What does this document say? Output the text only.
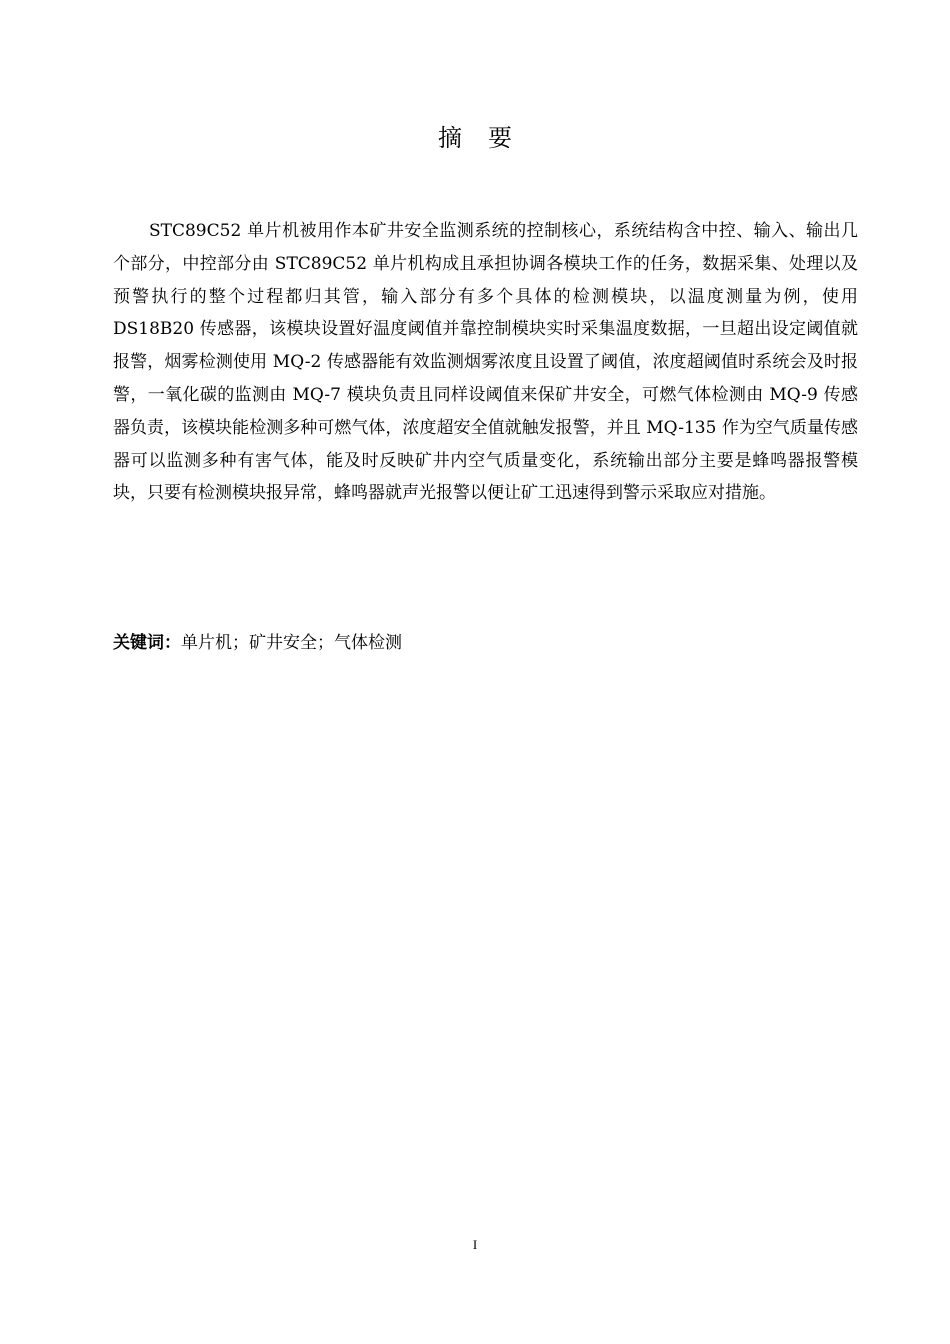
摘 要

STC89C52 单片机被用作本矿井安全监测系统的控制核心，系统结构含中控、输入、输出几个部分，中控部分由 STC89C52 单片机构成且承担协调各模块工作的任务，数据采集、处理以及预警执行的整个过程都归其管，输入部分有多个具体的检测模块，以温度测量为例，使用 DS18B20 传感器，该模块设置好温度阈值并靠控制模块实时采集温度数据，一旦超出设定阈值就报警，烟雾检测使用 MQ-2 传感器能有效监测烟雾浓度且设置了阈值，浓度超阈值时系统会及时报警，一氧化碳的监测由 MQ-7 模块负责且同样设阈值来保矿井安全，可燃气体检测由 MQ-9 传感器负责，该模块能检测多种可燃气体，浓度超安全值就触发报警，并且 MQ-135 作为空气质量传感器可以监测多种有害气体，能及时反映矿井内空气质量变化，系统输出部分主要是蜂鸣器报警模块，只要有检测模块报异常，蜂鸣器就声光报警以便让矿工迅速得到警示采取应对措施。

关键词：单片机；矿井安全；气体检测

I
